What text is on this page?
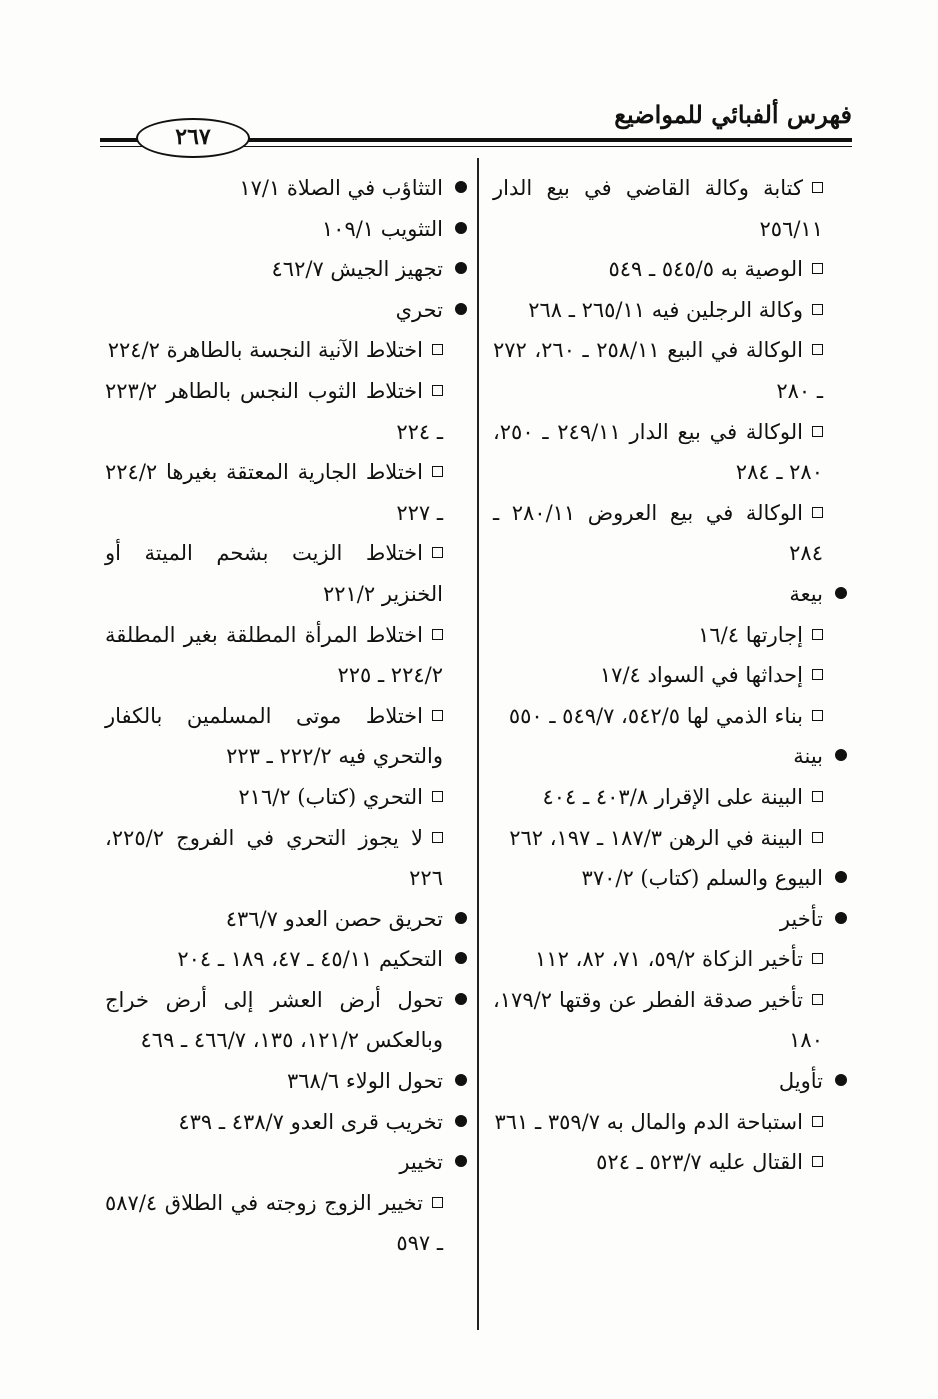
فهرس ألفبائي للمواضيع
٢٦٧
كتابة وكالة القاضي في بيع الدار ٢٥٦/١١
الوصية به ٥٤٥/٥ ـ ٥٤٩
وكالة الرجلين فيه ٢٦٥/١١ ـ ٢٦٨
الوكالة في البيع ٢٥٨/١١ ـ ٢٦٠، ٢٧٢ ـ ٢٨٠
الوكالة في بيع الدار ٢٤٩/١١ ـ ٢٥٠، ٢٨٠ ـ ٢٨٤
الوكالة في بيع العروض ٢٨٠/١١ ـ ٢٨٤
بيعة
إجارتها ١٦/٤
إحداثها في السواد ١٧/٤
بناء الذمي لها ٥٤٢/٥، ٥٤٩/٧ ـ ٥٥٠
بينة
البينة على الإقرار ٤٠٣/٨ ـ ٤٠٤
البينة في الرهن ١٨٧/٣ ـ ١٩٧، ٢٦٢
البيوع والسلم (كتاب) ٣٧٠/٢
تأخير
تأخير الزكاة ٥٩/٢، ٧١، ٨٢، ١١٢
تأخير صدقة الفطر عن وقتها ١٧٩/٢، ١٨٠
تأويل
استباحة الدم والمال به ٣٥٩/٧ ـ ٣٦١
القتال عليه ٥٢٣/٧ ـ ٥٢٤
التثاؤب في الصلاة ١٧/١
التثويب ١٠٩/١
تجهيز الجيش ٤٦٢/٧
تحري
اختلاط الآنية النجسة بالطاهرة ٢٢٤/٢
اختلاط الثوب النجس بالطاهر ٢٢٣/٢ ـ ٢٢٤
اختلاط الجارية المعتقة بغيرها ٢٢٤/٢ ـ ٢٢٧
اختلاط الزيت بشحم الميتة أو الخنزير ٢٢١/٢
اختلاط المرأة المطلقة بغير المطلقة ٢٢٤/٢ ـ ٢٢٥
اختلاط موتى المسلمين بالكفار والتحري فيه ٢٢٢/٢ ـ ٢٢٣
التحري (كتاب) ٢١٦/٢
لا يجوز التحري في الفروج ٢٢٥/٢، ٢٢٦
تحريق حصن العدو ٤٣٦/٧
التحكيم ٤٥/١١ ـ ٤٧، ١٨٩ ـ ٢٠٤
تحول أرض العشر إلى أرض خراج وبالعكس ١٢١/٢، ١٣٥، ٤٦٦/٧ ـ ٤٦٩
تحول الولاء ٣٦٨/٦
تخريب قرى العدو ٤٣٨/٧ ـ ٤٣٩
تخيير
تخيير الزوج زوجته في الطلاق ٥٨٧/٤ ـ ٥٩٧
